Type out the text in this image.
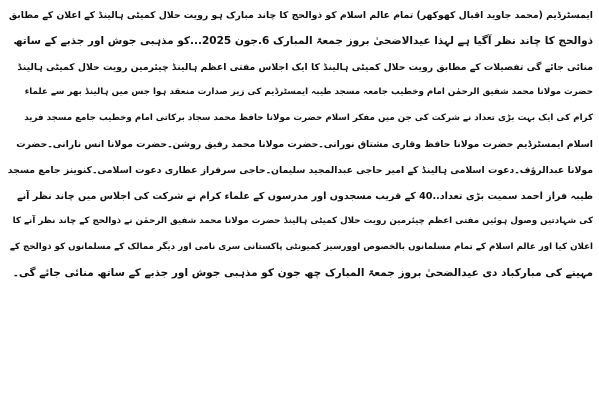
ایمسٹرڈیم (محمد جاوید اقبال کھوکھر) تمام عالم اسلام کو ذوالحج کا چاند مبارک ہو رویت حلال کمیٹی ہالینڈ کے اعلان کے مطابق
ذوالحج کا چاند نظر آگیا ہے لہذا عیدالاضحیٰ بروز جمعۃ المبارک 6.جون 2025...کو مذہبی جوش اور جذبے کے ساتھ
منائی جائے گی تفصیلات کے مطابق رویت حلال کمیٹی ہالینڈ کا ایک اجلاس مفتی اعظم ہالینڈ چیئرمین رویت حلال کمیٹی ہالینڈ
حضرت مولانا محمد شفیق الرحمٰن امام وخطیب جامعہ مسجد طیبہ ایمسٹرڈیم کی زیر صدارت منعقد ہوا جس میں ہالینڈ بھر سے علماء
کرام کی ایک بہت بڑی تعداد نے شرکت کی جن میں مفکر اسلام حضرت مولانا حافظ محمد سجاد برکاتی امام وخطیب جامع مسجد فرید
اسلام ایمسٹرڈیم حضرت مولانا حافظ وقاری مشتاق نورانی۔حضرت مولانا محمد رفیق روشن۔حضرت مولانا انس نارانی۔حضرت
مولانا عبدالرؤف۔دعوت اسلامی ہالینڈ کے امیر حاجی عبدالمجید سلیمان۔حاجی سرفراز عطاری دعوت اسلامی۔کنوینز جامع مسجد
طیبہ فراز احمد سمیت بڑی تعداد..40 کے قریب مسجدوں اور مدرسوں کے علماء کرام نے شرکت کی اجلاس میں چاند نظر آنے
کی شہادتیں وصول ہوئیں مفتی اعظم چیئرمین رویت حلال کمیٹی ہالینڈ حضرت مولانا محمد شفیق الرحمٰن نے ذوالحج کے چاند نظر آنے کا
اعلان کیا اور عالم اسلام کے تمام مسلمانوں بالخصوص اوورسیز کمیونٹی پاکستانی سری نامی اور دیگر ممالک کے مسلمانوں کو ذوالحج کے
مہینے کی مبارکباد دی عیدالضحیٰ بروز جمعۃ المبارک چھ جون کو مذہبی جوش اور جذبے کے ساتھ منائی جائے گی۔
